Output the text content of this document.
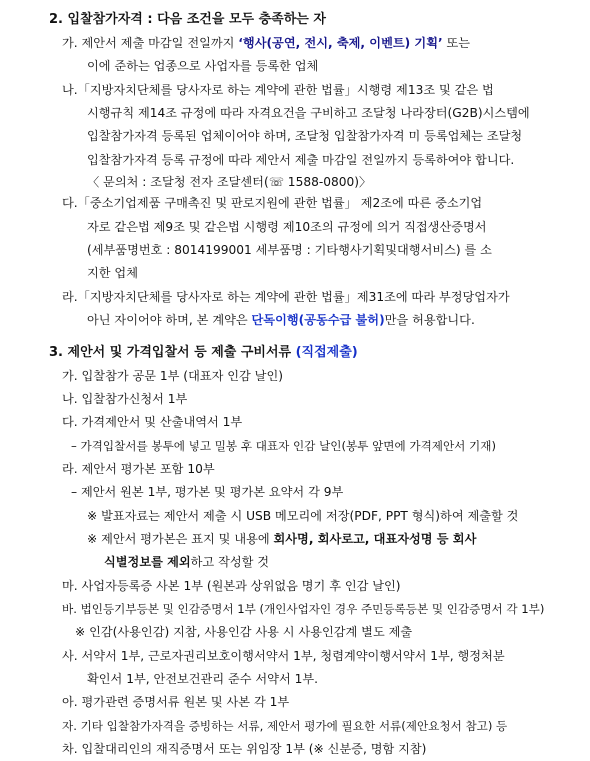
2. 입찰참가자격 : 다음 조건을 모두 충족하는 자
가. 제안서 제출 마감일 전일까지 ‘행사(공연, 전시, 축제, 이벤트) 기획’ 또는
이에 준하는 업종으로 사업자를 등록한 업체
나.「지방자치단체를 당사자로 하는 계약에 관한 법률」시행령 제13조 및 같은 법
시행규칙 제14조 규정에 따라 자격요건을 구비하고 조달청 나라장터(G2B)시스템에
입찰참가자격 등록된 업체이어야 하며, 조달청 입찰참가자격 미 등록업체는 조달청
입찰참가자격 등록 규정에 따라 제안서 제출 마감일 전일까지 등록하여야 합니다.
〈 문의처 : 조달청 전자 조달센터(☏ 1588-0800)〉
다.「중소기업제품 구매촉진 및 판로지원에 관한 법률」 제2조에 따른 중소기업
자로 같은법 제9조 및 같은법 시행령 제10조의 규정에 의거 직접생산증명서
(세부품명번호 : 8014199001 세부품명 : 기타행사기획및대행서비스) 를 소
지한 업체
라.「지방자치단체를 당사자로 하는 계약에 관한 법률」제31조에 따라 부정당업자가
아닌 자이어야 하며, 본 계약은 단독이행(공동수급 불허)만을 허용합니다.
3. 제안서 및 가격입찰서 등 제출 구비서류 (직접제출)
가. 입찰참가 공문 1부 (대표자 인감 날인)
나. 입찰참가신청서 1부
다. 가격제안서 및 산출내역서 1부
– 가격입찰서를 봉투에 넣고 밀봉 후 대표자 인감 날인(봉투 앞면에 가격제안서 기재)
라. 제안서 평가본 포함 10부
– 제안서 원본 1부, 평가본 및 평가본 요약서 각 9부
※ 발표자료는 제안서 제출 시 USB 메모리에 저장(PDF, PPT 형식)하여 제출할 것
※ 제안서 평가본은 표지 및 내용에 회사명, 회사로고, 대표자성명 등 회사
식별정보를 제외하고 작성할 것
마. 사업자등록증 사본 1부 (원본과 상위없음 명기 후 인감 날인)
바. 법인등기부등본 및 인감증명서 1부 (개인사업자인 경우 주민등록등본 및 인감증명서 각 1부)
※ 인감(사용인감) 지참, 사용인감 사용 시 사용인감계 별도 제출
사. 서약서 1부, 근로자권리보호이행서약서 1부, 청렴계약이행서약서 1부, 행정처분
확인서 1부, 안전보건관리 준수 서약서 1부.
아. 평가관련 증명서류 원본 및 사본 각 1부
자. 기타 입찰참가자격을 증빙하는 서류, 제안서 평가에 필요한 서류(제안요청서 참고) 등
차. 입찰대리인의 재직증명서 또는 위임장 1부 (※ 신분증, 명함 지참)
